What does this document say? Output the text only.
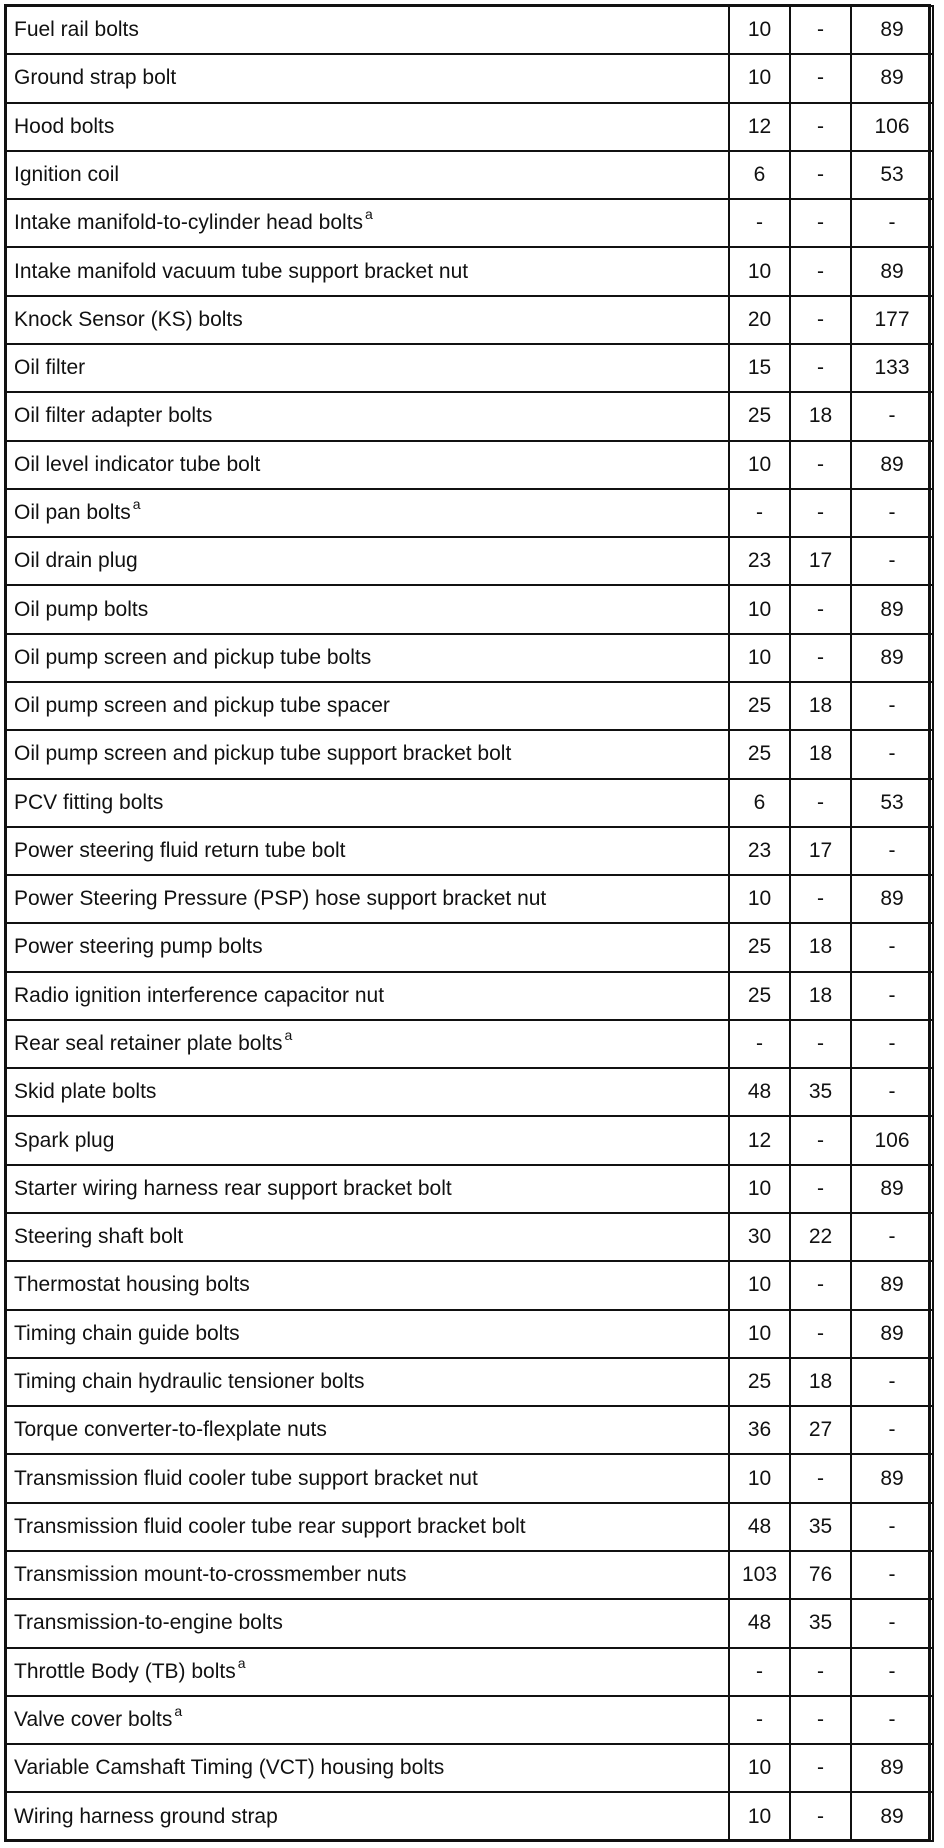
Fuel rail bolts	10	-	89
Ground strap bolt	10	-	89
Hood bolts	12	-	106
Ignition coil	6	-	53
Intake manifold-to-cylinder head bolts $^a$	-	-	-
Intake manifold vacuum tube support bracket nut	10	-	89
Knock Sensor (KS) bolts	20	-	177
Oil filter	15	-	133
Oil filter adapter bolts	25	18	-
Oil level indicator tube bolt	10	-	89
Oil pan bolts $^a$	-	-	-
Oil drain plug	23	17	-
Oil pump bolts	10	-	89
Oil pump screen and pickup tube bolts	10	-	89
Oil pump screen and pickup tube spacer	25	18	-
Oil pump screen and pickup tube support bracket bolt	25	18	-
PCV fitting bolts	6	-	53
Power steering fluid return tube bolt	23	17	-
Power Steering Pressure (PSP) hose support bracket nut	10	-	89
Power steering pump bolts	25	18	-
Radio ignition interference capacitor nut	25	18	-
Rear seal retainer plate bolts $^a$	-	-	-
Skid plate bolts	48	35	-
Spark plug	12	-	106
Starter wiring harness rear support bracket bolt	10	-	89
Steering shaft bolt	30	22	-
Thermostat housing bolts	10	-	89
Timing chain guide bolts	10	-	89
Timing chain hydraulic tensioner bolts	25	18	-
Torque converter-to-flexplate nuts	36	27	-
Transmission fluid cooler tube support bracket nut	10	-	89
Transmission fluid cooler tube rear support bracket bolt	48	35	-
Transmission mount-to-crossmember nuts	103	76	-
Transmission-to-engine bolts	48	35	-
Throttle Body (TB) bolts $^a$	-	-	-
Valve cover bolts $^a$	-	-	-
Variable Camshaft Timing (VCT) housing bolts	10	-	89
Wiring harness ground strap	10	-	89
